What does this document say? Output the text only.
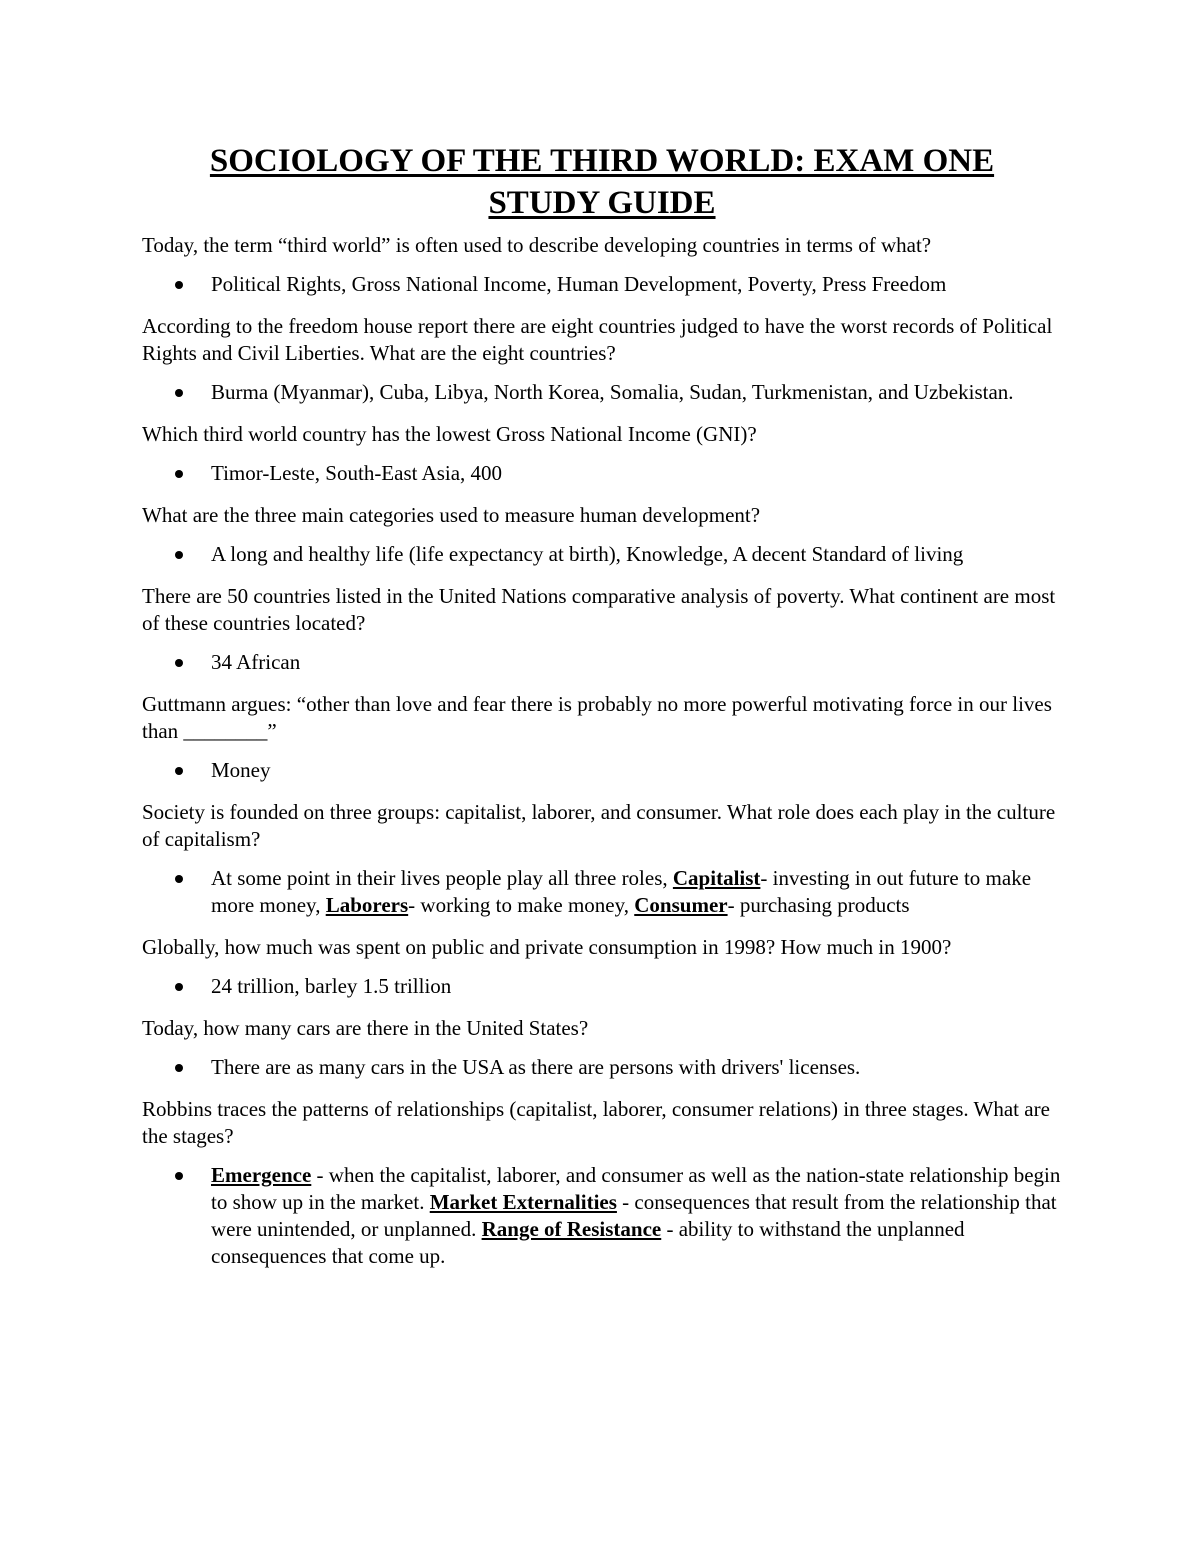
SOCIOLOGY OF THE THIRD WORLD: EXAM ONE
STUDY GUIDE

Today, the term “third world” is often used to describe developing countries in terms of what?

Political Rights, Gross National Income, Human Development, Poverty, Press Freedom

According to the freedom house report there are eight countries judged to have the worst records of Political Rights and Civil Liberties. What are the eight countries?

Burma (Myanmar), Cuba, Libya, North Korea, Somalia, Sudan, Turkmenistan, and Uzbekistan.

Which third world country has the lowest Gross National Income (GNI)?

Timor-Leste, South-East Asia, 400

What are the three main categories used to measure human development?

A long and healthy life (life expectancy at birth), Knowledge, A decent Standard of living

There are 50 countries listed in the United Nations comparative analysis of poverty. What continent are most of these countries located?

34 African

Guttmann argues: “other than love and fear there is probably no more powerful motivating force in our lives than ________”

Money

Society is founded on three groups: capitalist, laborer, and consumer. What role does each play in the culture of capitalism?

At some point in their lives people play all three roles, Capitalist- investing in out future to make more money, Laborers- working to make money, Consumer- purchasing products

Globally, how much was spent on public and private consumption in 1998? How much in 1900?

24 trillion, barley 1.5 trillion

Today, how many cars are there in the United States?

There are as many cars in the USA as there are persons with drivers' licenses.

Robbins traces the patterns of relationships (capitalist, laborer, consumer relations) in three stages. What are the stages?

Emergence - when the capitalist, laborer, and consumer as well as the nation-state relationship begin to show up in the market. Market Externalities - consequences that result from the relationship that were unintended, or unplanned. Range of Resistance - ability to withstand the unplanned consequences that come up.
